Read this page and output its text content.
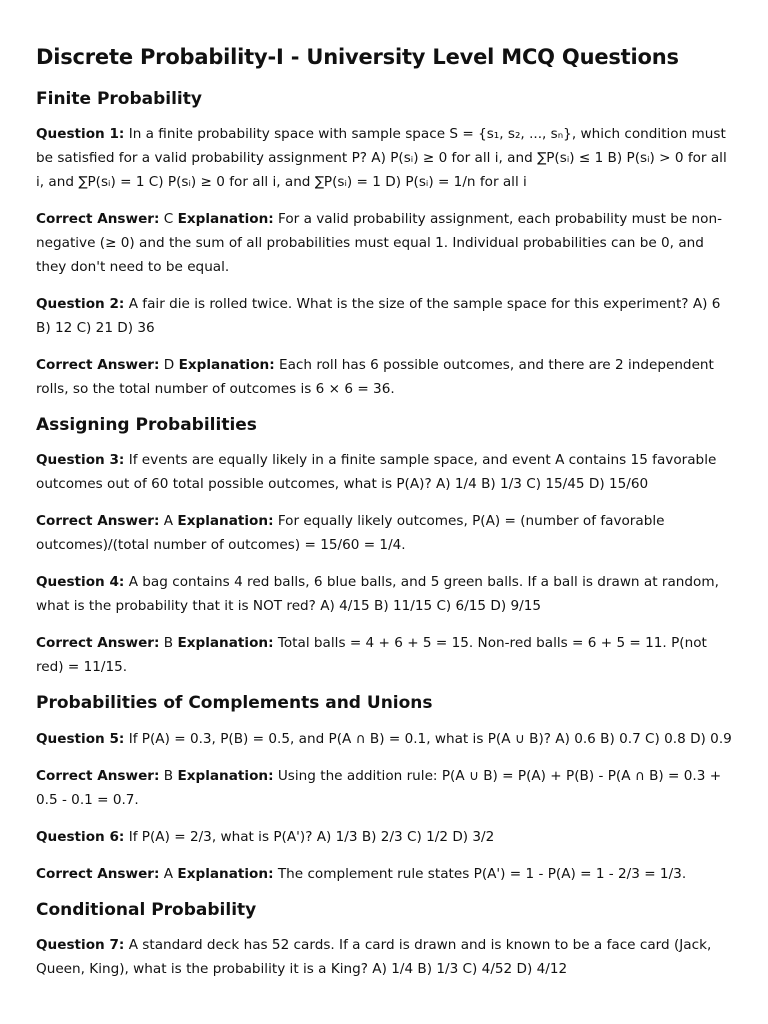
Discrete Probability-I - University Level MCQ Questions
Finite Probability

Question 1: In a finite probability space with sample space S = {s₁, s₂, ..., sₙ}, which condition must be satisfied for a valid probability assignment P? A) P(sᵢ) ≥ 0 for all i, and ∑P(sᵢ) ≤ 1 B) P(sᵢ) > 0 for all i, and ∑P(sᵢ) = 1 C) P(sᵢ) ≥ 0 for all i, and ∑P(sᵢ) = 1 D) P(sᵢ) = 1/n for all i

Correct Answer: C Explanation: For a valid probability assignment, each probability must be non-negative (≥ 0) and the sum of all probabilities must equal 1. Individual probabilities can be 0, and they don't need to be equal.

Question 2: A fair die is rolled twice. What is the size of the sample space for this experiment? A) 6 B) 12 C) 21 D) 36

Correct Answer: D Explanation: Each roll has 6 possible outcomes, and there are 2 independent rolls, so the total number of outcomes is 6 × 6 = 36.

Assigning Probabilities

Question 3: If events are equally likely in a finite sample space, and event A contains 15 favorable outcomes out of 60 total possible outcomes, what is P(A)? A) 1/4 B) 1/3 C) 15/45 D) 15/60

Correct Answer: A Explanation: For equally likely outcomes, P(A) = (number of favorable outcomes)/(total number of outcomes) = 15/60 = 1/4.

Question 4: A bag contains 4 red balls, 6 blue balls, and 5 green balls. If a ball is drawn at random, what is the probability that it is NOT red? A) 4/15 B) 11/15 C) 6/15 D) 9/15

Correct Answer: B Explanation: Total balls = 4 + 6 + 5 = 15. Non-red balls = 6 + 5 = 11. P(not red) = 11/15.

Probabilities of Complements and Unions

Question 5: If P(A) = 0.3, P(B) = 0.5, and P(A ∩ B) = 0.1, what is P(A ∪ B)? A) 0.6 B) 0.7 C) 0.8 D) 0.9

Correct Answer: B Explanation: Using the addition rule: P(A ∪ B) = P(A) + P(B) - P(A ∩ B) = 0.3 + 0.5 - 0.1 = 0.7.

Question 6: If P(A) = 2/3, what is P(A')? A) 1/3 B) 2/3 C) 1/2 D) 3/2

Correct Answer: A Explanation: The complement rule states P(A') = 1 - P(A) = 1 - 2/3 = 1/3.

Conditional Probability

Question 7: A standard deck has 52 cards. If a card is drawn and is known to be a face card (Jack, Queen, King), what is the probability it is a King? A) 1/4 B) 1/3 C) 4/52 D) 4/12
